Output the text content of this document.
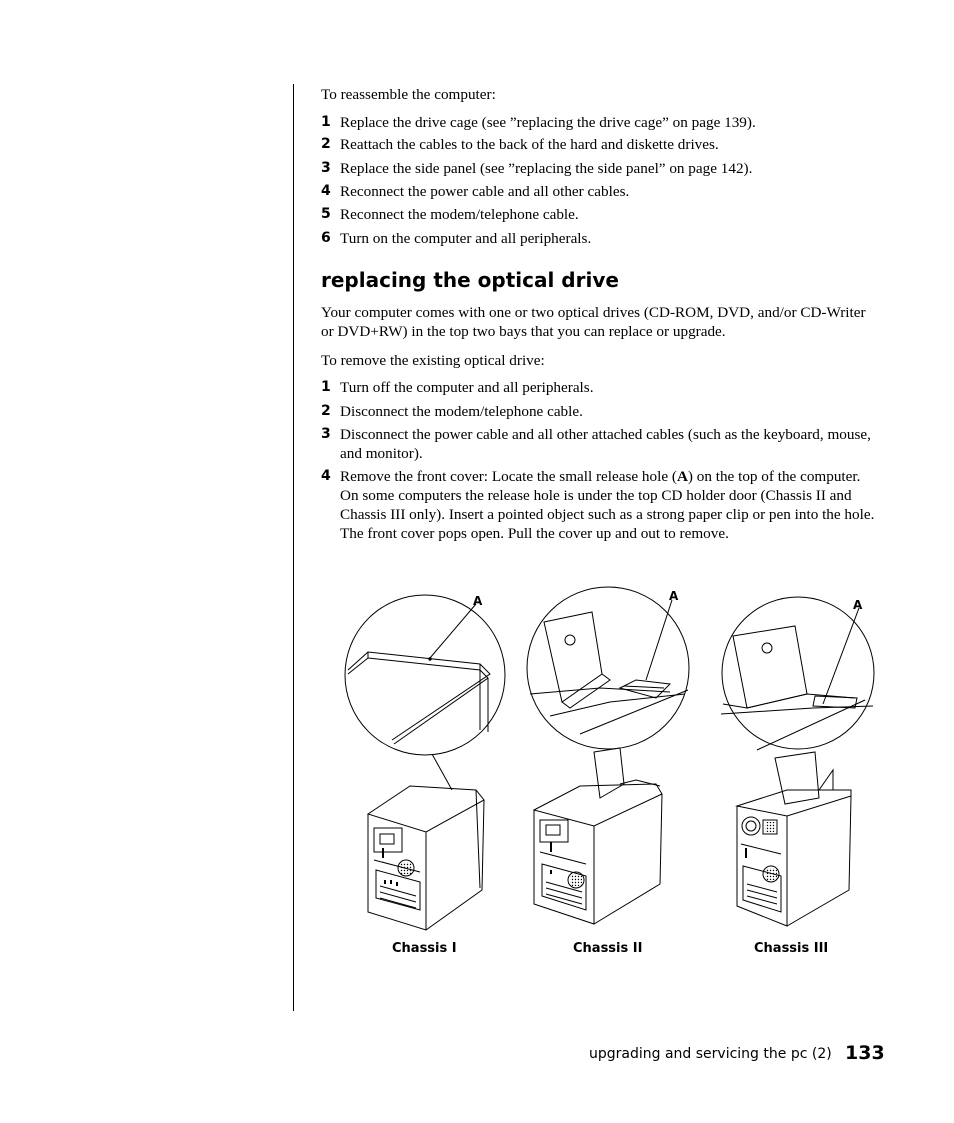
To reassemble the computer:
1 Replace the drive cage (see ”replacing the drive cage” on page 139).
2 Reattach the cables to the back of the hard and diskette drives.
3 Replace the side panel (see ”replacing the side panel” on page 142).
4 Reconnect the power cable and all other cables.
5 Reconnect the modem/telephone cable.
6 Turn on the computer and all peripherals.
replacing the optical drive
Your computer comes with one or two optical drives (CD-ROM, DVD, and/or CD-Writer or DVD+RW) in the top two bays that you can replace or upgrade.
To remove the existing optical drive:
1 Turn off the computer and all peripherals.
2 Disconnect the modem/telephone cable.
3 Disconnect the power cable and all other attached cables (such as the keyboard, mouse, and monitor).
4 Remove the front cover: Locate the small release hole (A) on the top of the computer. On some computers the release hole is under the top CD holder door (Chassis II and Chassis III only). Insert a pointed object such as a strong paper clip or pen into the hole. The front cover pops open. Pull the cover up and out to remove.
A
Chassis I
A
Chassis II
A
Chassis III
upgrading and servicing the pc (2) 133
